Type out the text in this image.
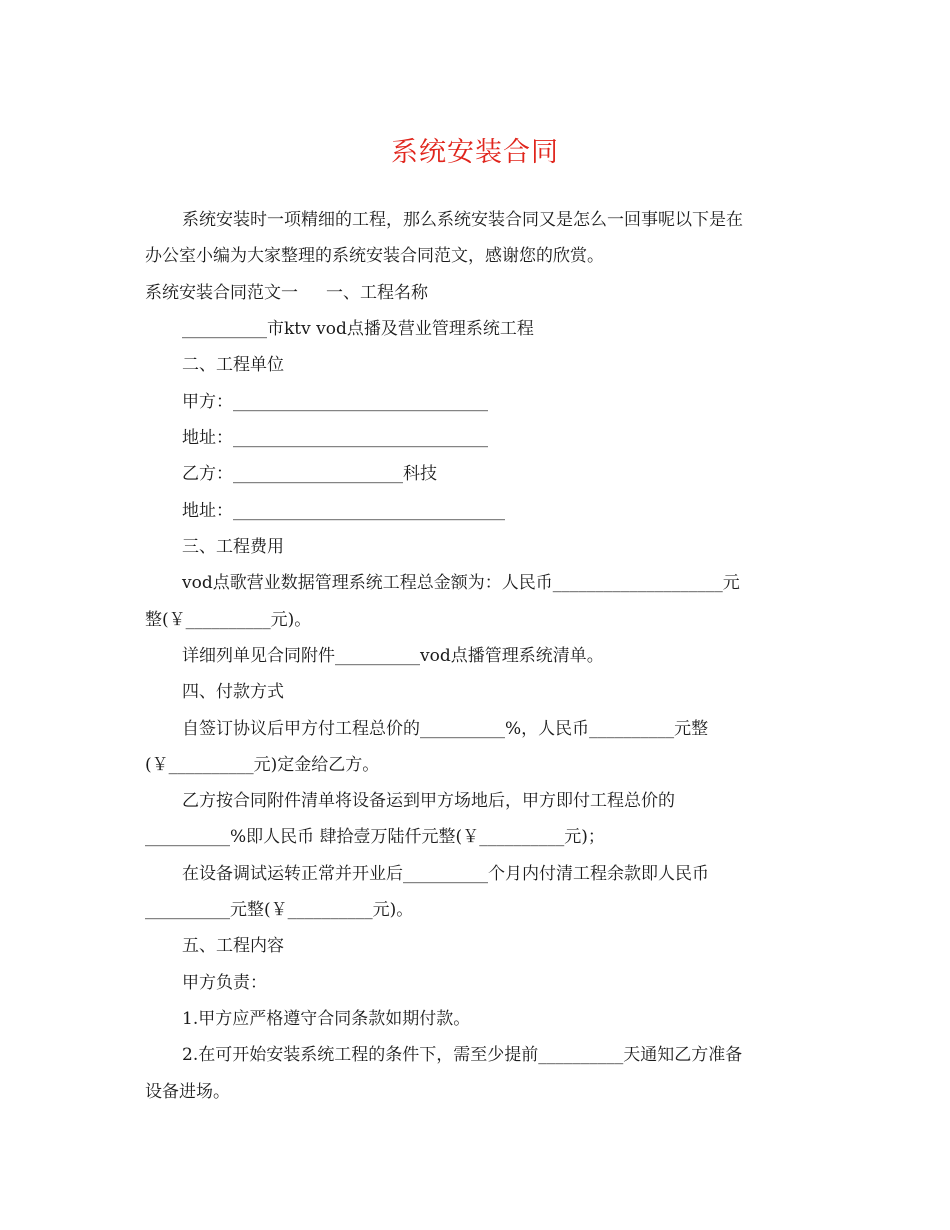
系统安装合同

系统安装时一项精细的工程，那么系统安装合同又是怎么一回事呢以下是在

办公室小编为大家整理的系统安装合同范文，感谢您的欣赏。

系统安装合同范文一 一、工程名称

__________市ktv vod点播及营业管理系统工程

二、工程单位

甲方：______________________________

地址：______________________________

乙方：____________________科技

地址：________________________________

三、工程费用

vod点歌营业数据管理系统工程总金额为：人民币____________________元

整(￥__________元)。

详细列单见合同附件__________vod点播管理系统清单。

四、付款方式

自签订协议后甲方付工程总价的__________%，人民币__________元整

(￥__________元)定金给乙方。

乙方按合同附件清单将设备运到甲方场地后，甲方即付工程总价的

__________%即人民币 肆拾壹万陆仟元整(￥__________元)；

在设备调试运转正常并开业后__________个月内付清工程余款即人民币

__________元整(￥__________元)。

五、工程内容

甲方负责：

1.甲方应严格遵守合同条款如期付款。

2.在可开始安装系统工程的条件下，需至少提前__________天通知乙方准备

设备进场。
